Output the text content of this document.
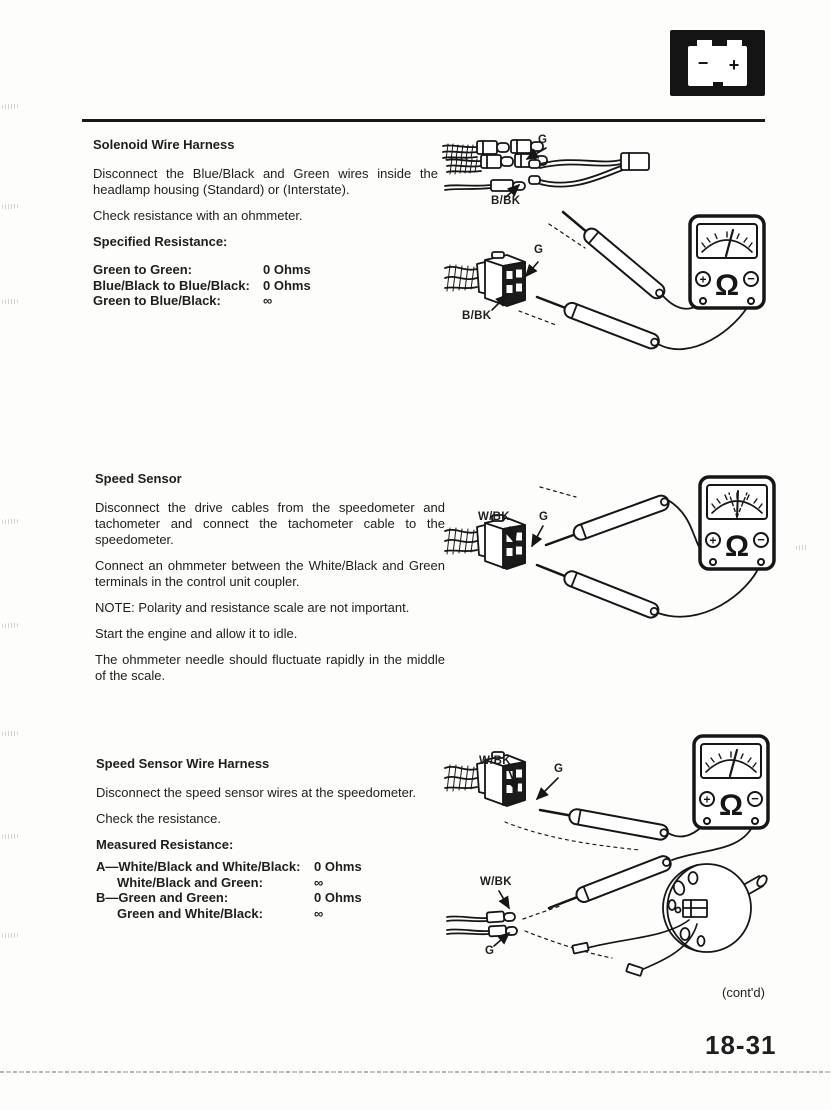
− +
Solenoid Wire Harness

Disconnect the Blue/Black and Green wires inside the headlamp housing (Standard) or (Interstate).

Check resistance with an ohmmeter.

Specified Resistance:
Green to Green:	0 Ohms
Blue/Black to Blue/Black:	0 Ohms
Green to Blue/Black:	∞
Speed Sensor

Disconnect the drive cables from the speedometer and tachometer and connect the tachometer cable to the speedometer.

Connect an ohmmeter between the White/Black and Green terminals in the control unit coupler.

NOTE: Polarity and resistance scale are not important.

Start the engine and allow it to idle.

The ohmmeter needle should fluctuate rapidly in the middle of the scale.

Speed Sensor Wire Harness

Disconnect the speed sensor wires at the speedometer.

Check the resistance.

Measured Resistance:
A—White/Black and White/Black:	0 Ohms
White/Black and Green:	∞
B—Green and Green:	0 Ohms
Green and White/Black:	∞
Ω
+	−
Ω
+	−
Ω
+	−
G
B/BK
G
B/BK
W/BK	G
W/BK
G
W/BK
G
(cont'd)
18-31
